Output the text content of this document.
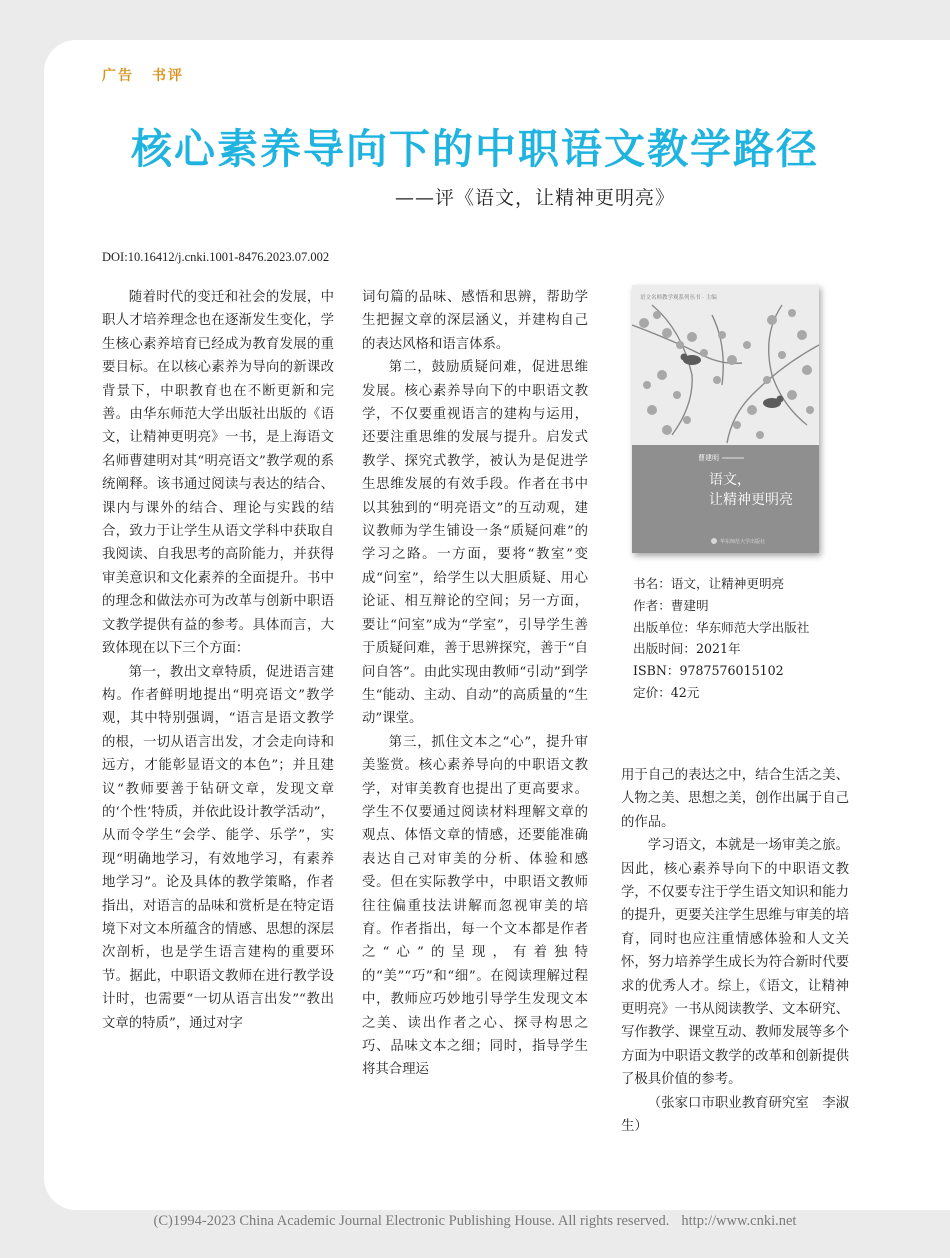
广告 书评
核心素养导向下的中职语文教学路径
——评《语文，让精神更明亮》
DOI:10.16412/j.cnki.1001-8476.2023.07.002

随着时代的变迁和社会的发展，中职人才培养理念也在逐渐发生变化，学生核心素养培育已经成为教育发展的重要目标。在以核心素养为导向的新课改背景下，中职教育也在不断更新和完善。由华东师范大学出版社出版的《语文，让精神更明亮》一书，是上海语文名师曹建明对其“明亮语文”教学观的系统阐释。该书通过阅读与表达的结合、课内与课外的结合、理论与实践的结合，致力于让学生从语文学科中获取自我阅读、自我思考的高阶能力，并获得审美意识和文化素养的全面提升。书中的理念和做法亦可为改革与创新中职语文教学提供有益的参考。具体而言，大致体现在以下三个方面：

第一，教出文章特质，促进语言建构。作者鲜明地提出“明亮语文”教学观，其中特别强调，“语言是语文教学的根，一切从语言出发，才会走向诗和远方，才能彰显语文的本色”；并且建议“教师要善于钻研文章，发现文章的‘个性’特质，并依此设计教学活动”，从而令学生“会学、能学、乐学”，实现“明确地学习，有效地学习，有素养地学习”。论及具体的教学策略，作者指出，对语言的品味和赏析是在特定语境下对文本所蕴含的情感、思想的深层次剖析，也是学生语言建构的重要环节。据此，中职语文教师在进行教学设计时，也需要“一切从语言出发”“教出文章的特质”，通过对字

词句篇的品味、感悟和思辨，帮助学生把握文章的深层涵义，并建构自己的表达风格和语言体系。

第二，鼓励质疑问难，促进思维发展。核心素养导向下的中职语文教学，不仅要重视语言的建构与运用，还要注重思维的发展与提升。启发式教学、探究式教学，被认为是促进学生思维发展的有效手段。作者在书中以其独到的“明亮语文”的互动观，建议教师为学生铺设一条“质疑问难”的学习之路。一方面，要将“教室”变成“问室”，给学生以大胆质疑、用心论证、相互辩论的空间；另一方面，要让“问室”成为“学室”，引导学生善于质疑问难，善于思辨探究，善于“自问自答”。由此实现由教师“引动”到学生“能动、主动、自动”的高质量的“生动”课堂。

第三，抓住文本之“心”，提升审美鉴赏。核心素养导向的中职语文教学，对审美教育也提出了更高要求。学生不仅要通过阅读材料理解文章的观点、体悟文章的情感，还要能准确表达自己对审美的分析、体验和感受。但在实际教学中，中职语文教师往往偏重技法讲解而忽视审美的培育。作者指出，每一个文本都是作者之“心”的呈现，有着独特的“美”“巧”和“细”。在阅读理解过程中，教师应巧妙地引导学生发现文本之美、读出作者之心、探寻构思之巧、品味文本之细；同时，指导学生将其合理运

语文名师教学观系列丛书 · 主编
曹建明
语文，
让精神更明亮
华东师范大学出版社
书名：语文，让精神更明亮
作者：曹建明
出版单位：华东师范大学出版社
出版时间：2021年
ISBN：9787576015102
定价：42元

用于自己的表达之中，结合生活之美、人物之美、思想之美，创作出属于自己的作品。

学习语文，本就是一场审美之旅。因此，核心素养导向下的中职语文教学，不仅要专注于学生语文知识和能力的提升，更要关注学生思维与审美的培育，同时也应注重情感体验和人文关怀，努力培养学生成长为符合新时代要求的优秀人才。综上，《语文，让精神更明亮》一书从阅读教学、文本研究、写作教学、课堂互动、教师发展等多个方面为中职语文教学的改革和创新提供了极具价值的参考。

（张家口市职业教育研究室　李淑生）

(C)1994-2023 China Academic Journal Electronic Publishing House. All rights reserved. http://www.cnki.net
